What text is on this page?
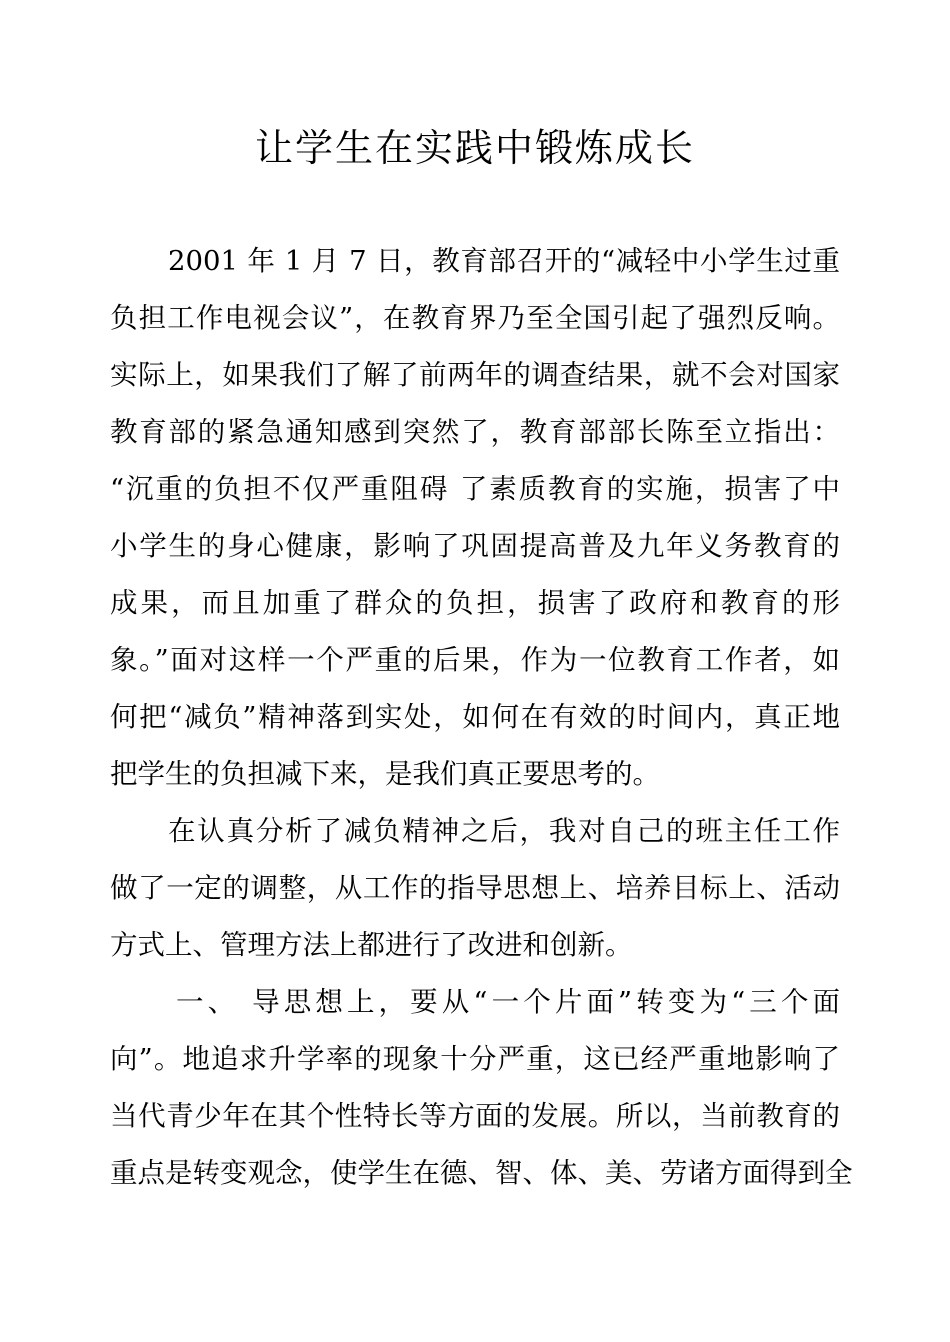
让学生在实践中锻炼成长

2001 年 1 月 7 日，教育部召开的“减轻中小学生过重

负担工作电视会议”，在教育界乃至全国引起了强烈反响。

实际上，如果我们了解了前两年的调查结果，就不会对国家

教育部的紧急通知感到突然了，教育部部长陈至立指出：

“沉重的负担不仅严重阻碍 了素质教育的实施，损害了中

小学生的身心健康，影响了巩固提高普及九年义务教育的

成果，而且加重了群众的负担，损害了政府和教育的形

象。”面对这样一个严重的后果，作为一位教育工作者，如

何把“减负”精神落到实处，如何在有效的时间内，真正地

把学生的负担减下来，是我们真正要思考的。

在认真分析了减负精神之后，我对自己的班主任工作

做了一定的调整，从工作的指导思想上、培养目标上、活动

方式上、管理方法上都进行了改进和创新。

一、 导思想上，要从“一个片面”转变为“三个面

向”。地追求升学率的现象十分严重，这已经严重地影响了

当代青少年在其个性特长等方面的发展。所以，当前教育的

重点是转变观念，使学生在德、智、体、美、劳诸方面得到全
